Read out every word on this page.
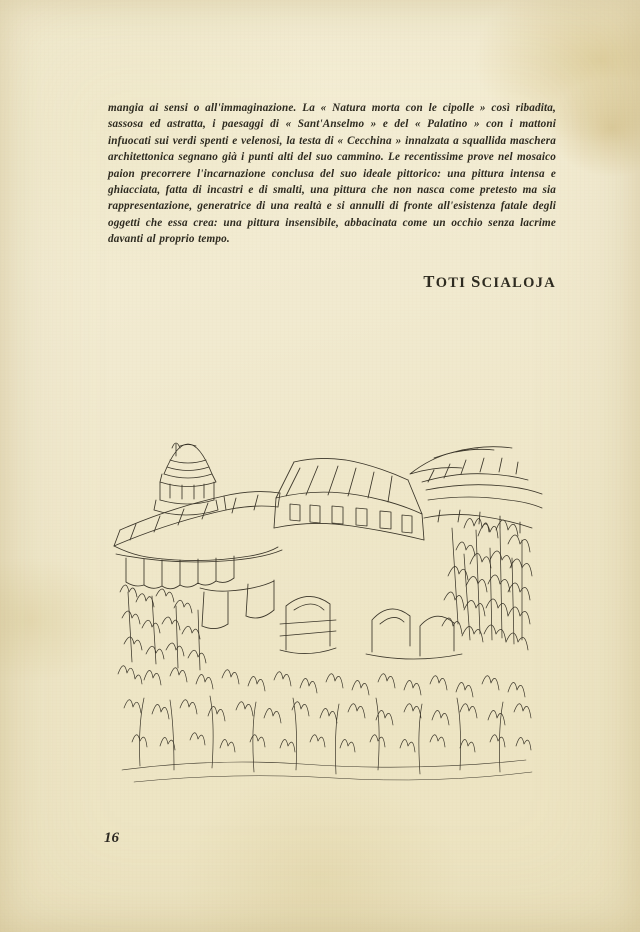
mangia ai sensi o all'immaginazione. La « Natura morta con le cipolle » così ribadita, sassosa ed astratta, i paesaggi di « Sant'Anselmo » e del « Palatino » con i mattoni infuocati sui verdi spenti e velenosi, la testa di « Cecchina » innalzata a squallida maschera architettonica segnano già i punti alti del suo cammino. Le recentissime prove nel mosaico paion precorrere l'incarnazione conclusa del suo ideale pittorico: una pittura intensa e ghiacciata, fatta di incastri e di smalti, una pittura che non nasca come pretesto ma sia rappresentazione, generatrice di una realtà e si annulli di fronte all'esistenza fatale degli oggetti che essa crea: una pittura insensibile, abbacinata come un occhio senza lacrime davanti al proprio tempo.

TOTI SCIALOJA
16
